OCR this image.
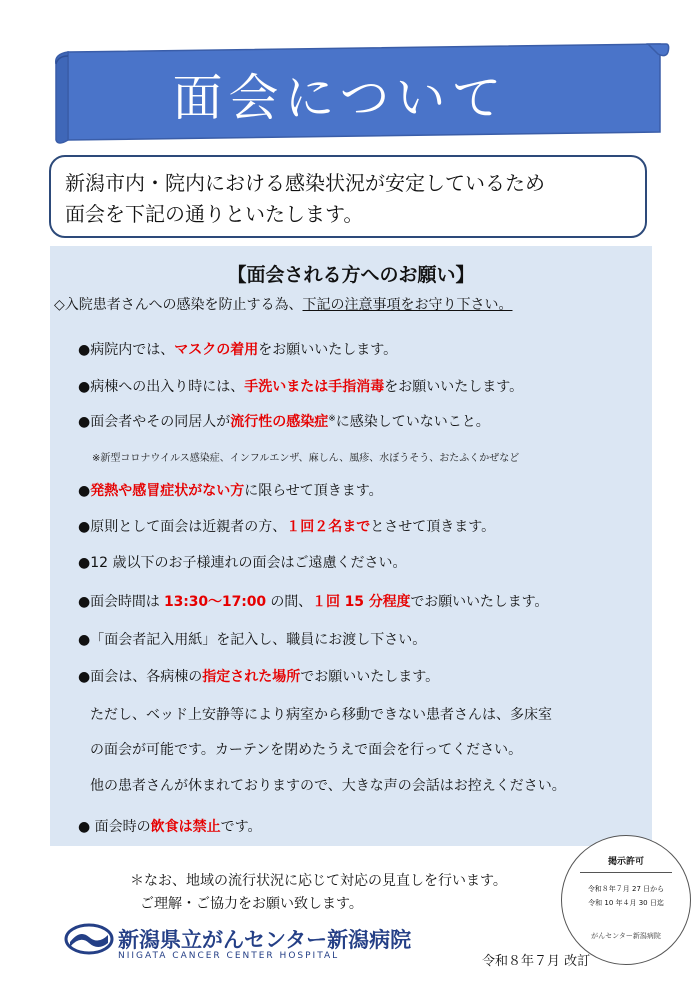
面会について
新潟市内・院内における感染状況が安定しているため
面会を下記の通りといたします。
【面会される方へのお願い】
◇入院患者さんへの感染を防止する為、下記の注意事項をお守り下さい。
●病院内では、マスクの着用をお願いいたします。
●病棟への出入り時には、手洗いまたは手指消毒をお願いいたします。
●面会者やその同居人が流行性の感染症※に感染していないこと。
※新型コロナウイルス感染症、インフルエンザ、麻しん、風疹、水ぼうそう、おたふくかぜなど
●発熱や感冒症状がない方に限らせて頂きます。
●原則として面会は近親者の方、１回２名までとさせて頂きます。
●12 歳以下のお子様連れの面会はご遠慮ください。
●面会時間は 13:30～17:00 の間、１回 15 分程度でお願いいたします。
●「面会者記入用紙」を記入し、職員にお渡し下さい。
●面会は、各病棟の指定された場所でお願いいたします。
ただし、ベッド上安静等により病室から移動できない患者さんは、多床室
の面会が可能です。カーテンを閉めたうえで面会を行ってください。
他の患者さんが休まれておりますので、大きな声の会話はお控えください。
● 面会時の飲食は禁止です。
＊なお、地域の流行状況に応じて対応の見直しを行います。
ご理解・ご協力をお願い致します。
掲示許可
令和８年７月 27 日から
令和 10 年４月 30 日迄
がんセンター新潟病院
新潟県立がんセンター新潟病院
NIIGATA CANCER CENTER HOSPITAL	令和８年７月 改訂
